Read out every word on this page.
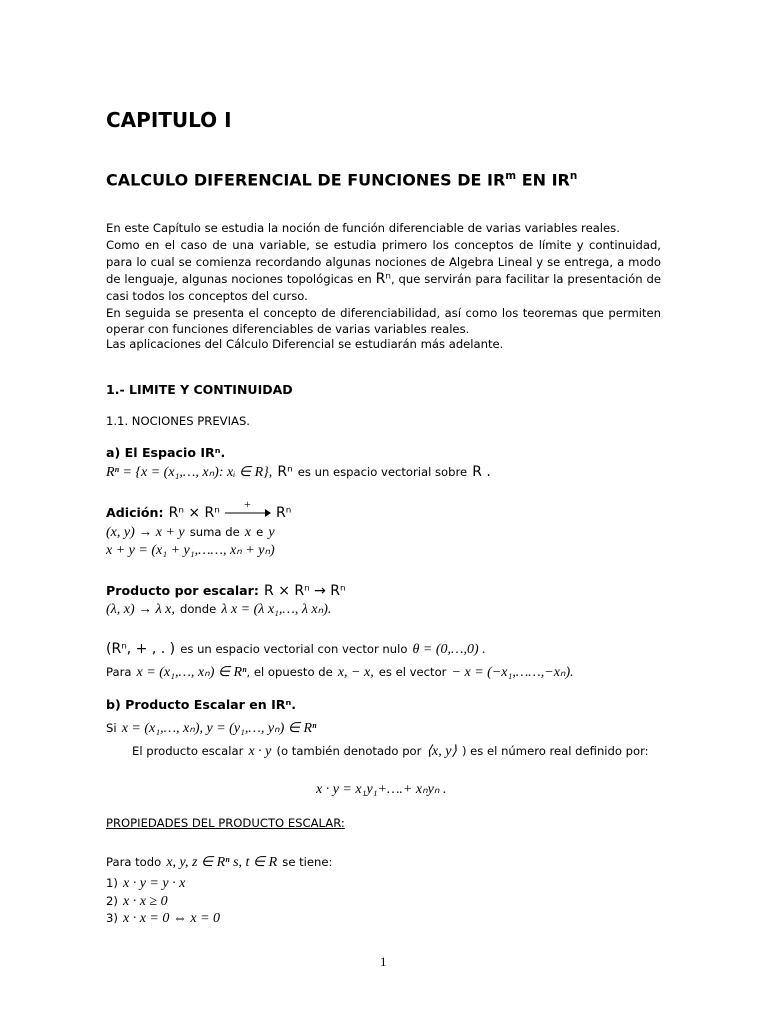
CAPITULO I
CALCULO DIFERENCIAL DE FUNCIONES DE $IR^m$ EN $IR^n$
En este Capítulo se estudia la noción de función diferenciable de varias variables reales.
Como en el caso de una variable, se estudia primero los conceptos de límite y continuidad, para lo cual se comienza recordando algunas nociones de Algebra Lineal y se entrega, a modo de lenguaje, algunas nociones topológicas en Rⁿ, que servirán para facilitar la presentación de casi todos los conceptos del curso.
En seguida se presenta el concepto de diferenciabilidad, así como los teoremas que permiten operar con funciones diferenciables de varias variables reales.
Las aplicaciones del Cálculo Diferencial se estudiarán más adelante.
1.- LIMITE Y CONTINUIDAD
1.1. NOCIONES PREVIAS.
a) El Espacio IRⁿ.
Rⁿ = {x = (x₁,…, xₙ): xᵢ ∈ R}, Rⁿ es un espacio vectorial sobre R .
Adición: Rⁿ × Rⁿ
+
Rⁿ
(x, y) → x + y suma de x e y
x + y = (x₁ + y₁,……, xₙ + yₙ)
Producto por escalar: R × Rⁿ → Rⁿ
(λ, x) → λ x, donde λ x = (λ x₁,…, λ xₙ).
(Rⁿ, + , . ) es un espacio vectorial con vector nulo θ = (0,…,0) .
Para x = (x₁,…, xₙ) ∈ Rⁿ, el opuesto de x, − x, es el vector − x = (−x₁,……,−xₙ).
b) Producto Escalar en IRⁿ.
Si x = (x₁,…, xₙ), y = (y₁,…, yₙ) ∈ Rⁿ
El producto escalar x · y (o también denotado por ⟨x, y⟩ ) es el número real definido por:
x · y = x₁y₁+….+ xₙyₙ .
PROPIEDADES DEL PRODUCTO ESCALAR:
Para todo x, y, z ∈ Rⁿ s, t ∈ R se tiene:
1) x · y = y · x
2) x · x ≥ 0
3) x · x = 0 ⇔ x = 0
1
